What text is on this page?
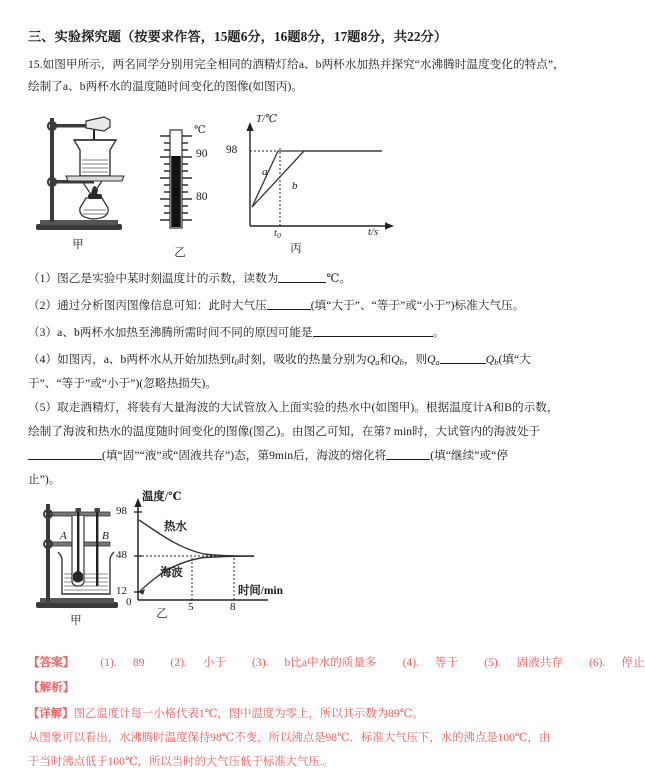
三、实验探究题（按要求作答，15题6分，16题8分，17题8分，共22分）
15.如图甲所示，两名同学分别用完全相同的酒精灯给a、b两杯水加热并探究“水沸腾时温度变化的特点”，
绘制了a、b两杯水的温度随时间变化的图像(如图丙)。
甲
℃
90
80
乙
T/℃
98
$t_0$	t/s
a
b
丙
（1）图乙是实验中某时刻温度计的示数，读数为	℃。
（2）通过分析图丙图像信息可知：此时大气压	(填“大于”、“等于”或“小于”)标准大气压。
（3）a、b两杯水加热至沸腾所需时间不同的原因可能是	。
（4）如图丙，a、b两杯水从开始加热到$t_0$时刻，吸收的热量分别为$Q_a$和$Q_b$，则$Q_a$	$Q_b$(填“大
于”、“等于”或“小于”)(忽略热损失)。
（5）取走酒精灯，将装有大量海波的大试管放入上面实验的热水中(如图甲)。根据温度计A和B的示数，
绘制了海波和热水的温度随时间变化的图像(图乙)。由图乙可知，在第7 min时，大试管内的海波处于
(填“固”“液”或“固液共存”)态，第9min后，海波的熔化将	(填“继续”或“停
止”)。
A	B
甲
温度/℃
98
48
12
0	5	8
时间/min
热水
海波
乙
【答案】 (1). 89 (2). 小于 (3). b比a中水的质量多 (4). 等于 (5). 固液共存 (6). 停止
【解析】
【详解】图乙温度计每一小格代表1℃，图中温度为零上，所以其示数为89℃。
从图象可以看出，水沸腾时温度保持98℃不变，所以沸点是98℃．标准大气压下，水的沸点是100℃，由
于当时沸点低于100℃，所以当时的大气压低于标准大气压.。
